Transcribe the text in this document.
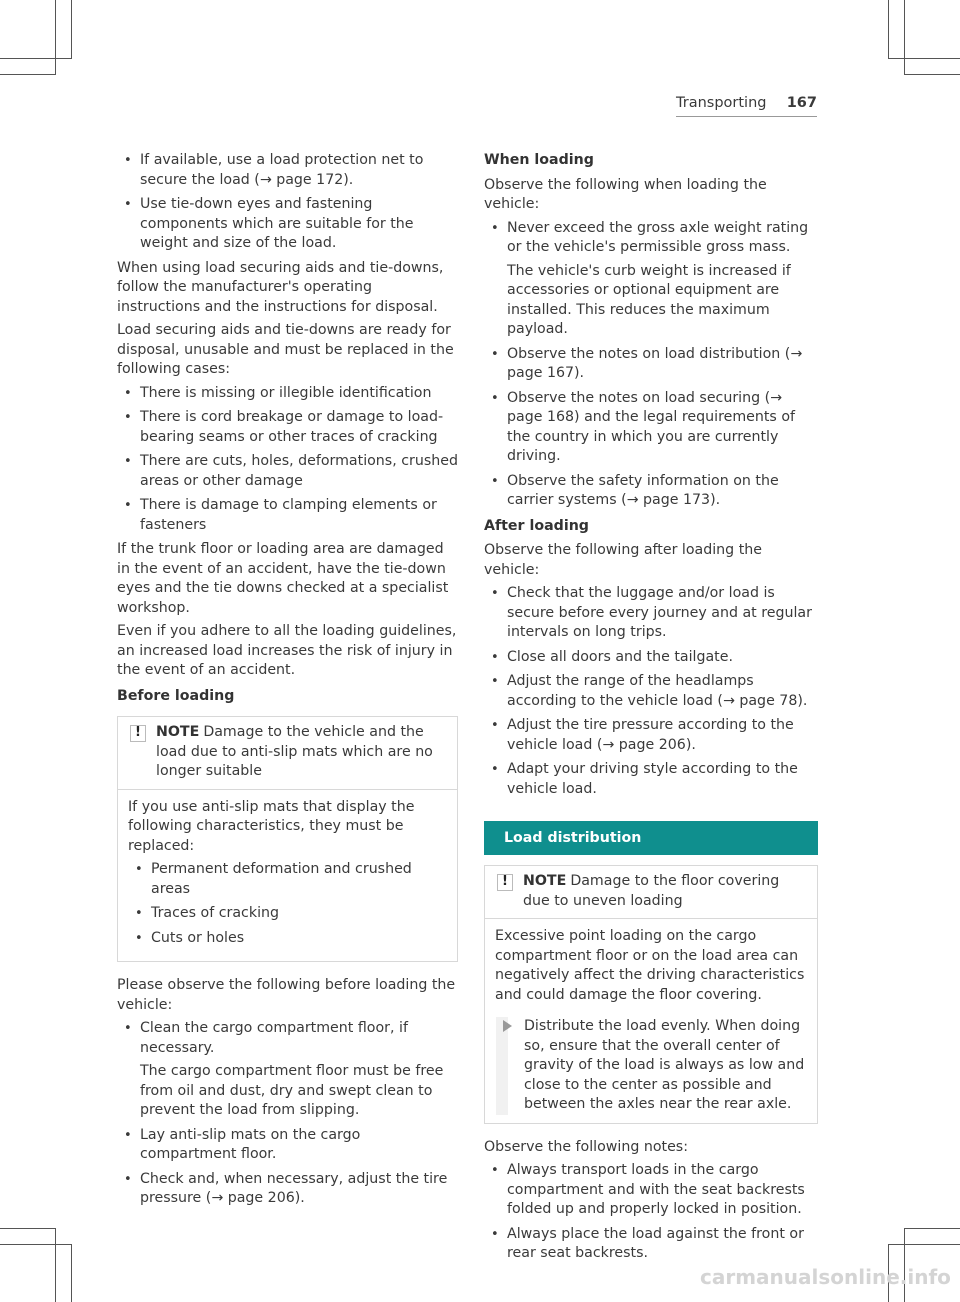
Transporting 167
• If available, use a load protection net to secure the load (→ page 172).
• Use tie-down eyes and fastening components which are suitable for the weight and size of the load.

When using load securing aids and tie-downs, follow the manufacturer's operating instructions and the instructions for disposal.

Load securing aids and tie-downs are ready for disposal, unusable and must be replaced in the following cases:

• There is missing or illegible identification
• There is cord breakage or damage to load-bearing seams or other traces of cracking
• There are cuts, holes, deformations, crushed areas or other damage
• There is damage to clamping elements or fasteners

If the trunk floor or loading area are damaged in the event of an accident, have the tie-down eyes and the tie downs checked at a specialist workshop.

Even if you adhere to all the loading guidelines, an increased load increases the risk of injury in the event of an accident.

Before loading
!	NOTE Damage to the vehicle and the load due to anti-slip mats which are no longer suitable

If you use anti-slip mats that display the following characteristics, they must be replaced:

• Permanent deformation and crushed areas
• Traces of cracking
• Cuts or holes

Please observe the following before loading the vehicle:

• Clean the cargo compartment floor, if necessary.
The cargo compartment floor must be free from oil and dust, dry and swept clean to prevent the load from slipping.
• Lay anti-slip mats on the cargo compartment floor.
• Check and, when necessary, adjust the tire pressure (→ page 206).
When loading

Observe the following when loading the vehicle:

• Never exceed the gross axle weight rating or the vehicle's permissible gross mass.
The vehicle's curb weight is increased if accessories or optional equipment are installed. This reduces the maximum payload.
• Observe the notes on load distribution (→ page 167).
• Observe the notes on load securing (→ page 168) and the legal requirements of the country in which you are currently driving.
• Observe the safety information on the carrier systems (→ page 173).
After loading

Observe the following after loading the vehicle:

• Check that the luggage and/or load is secure before every journey and at regular intervals on long trips.
• Close all doors and the tailgate.
• Adjust the range of the headlamps according to the vehicle load (→ page 78).
• Adjust the tire pressure according to the vehicle load (→ page 206).
• Adapt your driving style according to the vehicle load.
Load distribution
!	NOTE Damage to the floor covering due to uneven loading

Excessive point loading on the cargo compartment floor or on the load area can negatively affect the driving characteristics and could damage the floor covering.

Distribute the load evenly. When doing so, ensure that the overall center of gravity of the load is always as low and close to the center as possible and between the axles near the rear axle.

Observe the following notes:

• Always transport loads in the cargo compartment and with the seat backrests folded up and properly locked in position.
• Always place the load against the front or rear seat backrests.
carmanualsonline.info
